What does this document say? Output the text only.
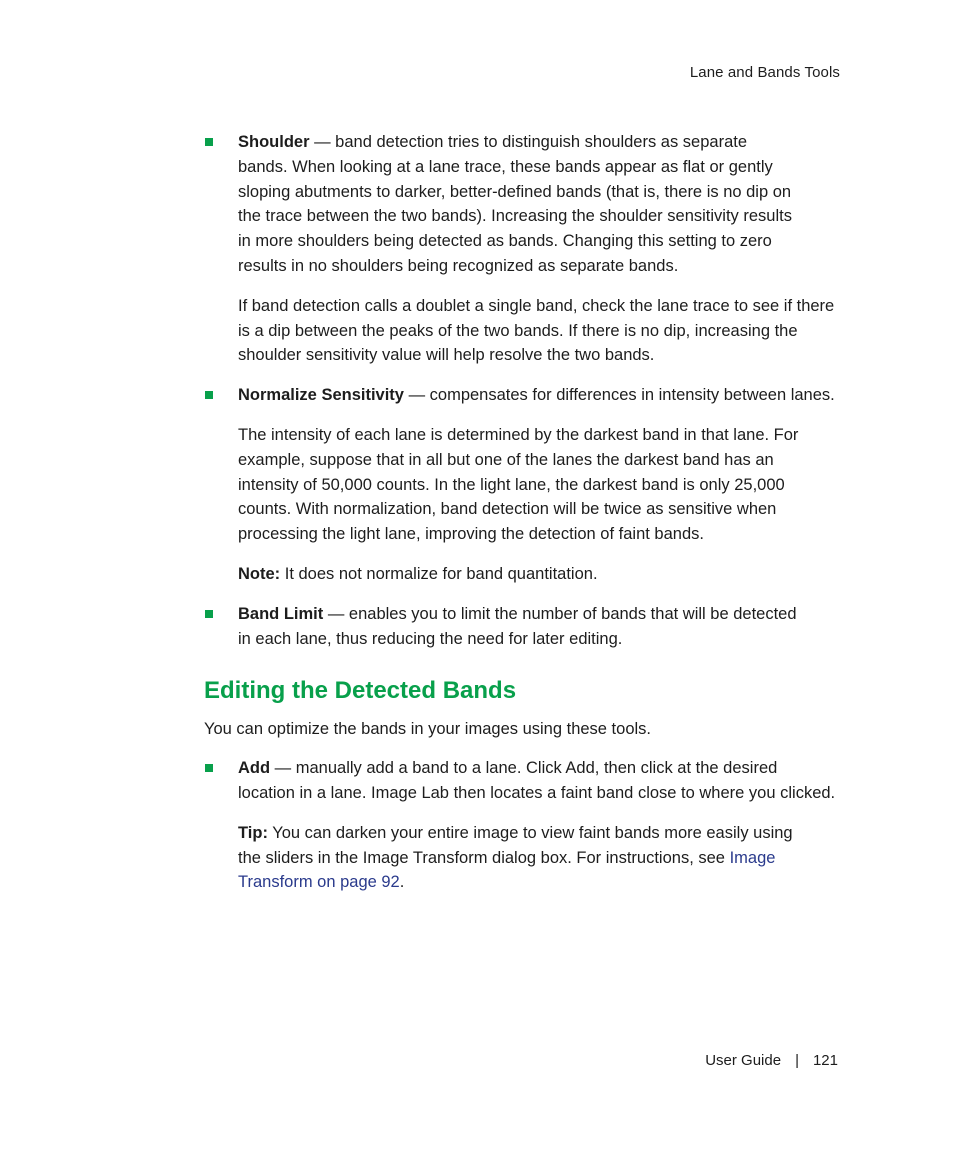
Lane and Bands Tools
Shoulder — band detection tries to distinguish shoulders as separate bands. When looking at a lane trace, these bands appear as flat or gently sloping abutments to darker, better-defined bands (that is, there is no dip on the trace between the two bands). Increasing the shoulder sensitivity results in more shoulders being detected as bands. Changing this setting to zero results in no shoulders being recognized as separate bands.
If band detection calls a doublet a single band, check the lane trace to see if there is a dip between the peaks of the two bands. If there is no dip, increasing the shoulder sensitivity value will help resolve the two bands.
Normalize Sensitivity — compensates for differences in intensity between lanes.
The intensity of each lane is determined by the darkest band in that lane. For example, suppose that in all but one of the lanes the darkest band has an intensity of 50,000 counts. In the light lane, the darkest band is only 25,000 counts. With normalization, band detection will be twice as sensitive when processing the light lane, improving the detection of faint bands.
Note: It does not normalize for band quantitation.
Band Limit — enables you to limit the number of bands that will be detected in each lane, thus reducing the need for later editing.
Editing the Detected Bands
You can optimize the bands in your images using these tools.
Add — manually add a band to a lane. Click Add, then click at the desired location in a lane. Image Lab then locates a faint band close to where you clicked.
Tip: You can darken your entire image to view faint bands more easily using the sliders in the Image Transform dialog box. For instructions, see Image Transform on page 92.
User Guide | 121
